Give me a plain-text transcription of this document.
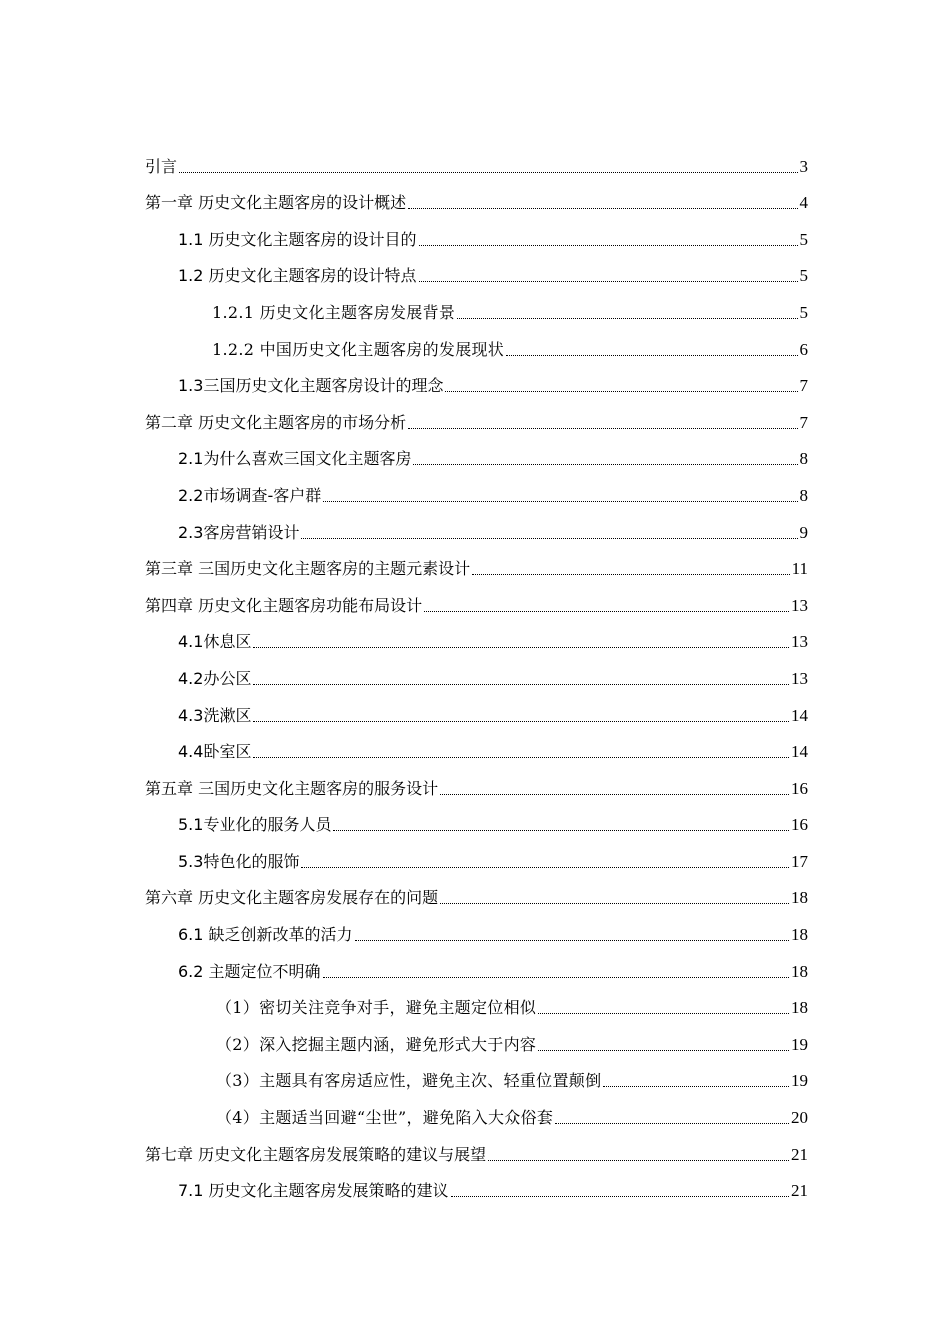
引言	3
第一章 历史文化主题客房的设计概述	4
1.1 历史文化主题客房的设计目的	5
1.2 历史文化主题客房的设计特点	5
1.2.1 历史文化主题客房发展背景	5
1.2.2 中国历史文化主题客房的发展现状	6
1.3三国历史文化主题客房设计的理念	7
第二章 历史文化主题客房的市场分析	7
2.1为什么喜欢三国文化主题客房	8
2.2市场调查-客户群	8
2.3客房营销设计	9
第三章 三国历史文化主题客房的主题元素设计	11
第四章 历史文化主题客房功能布局设计	13
4.1休息区	13
4.2办公区	13
4.3洗漱区	14
4.4卧室区	14
第五章 三国历史文化主题客房的服务设计	16
5.1专业化的服务人员	16
5.3特色化的服饰	17
第六章 历史文化主题客房发展存在的问题	18
6.1 缺乏创新改革的活力	18
6.2 主题定位不明确	18
（1）密切关注竞争对手，避免主题定位相似	18
（2）深入挖掘主题内涵，避免形式大于内容	19
（3）主题具有客房适应性，避免主次、轻重位置颠倒	19
（4）主题适当回避“尘世”，避免陷入大众俗套	20
第七章 历史文化主题客房发展策略的建议与展望	21
7.1 历史文化主题客房发展策略的建议	21
